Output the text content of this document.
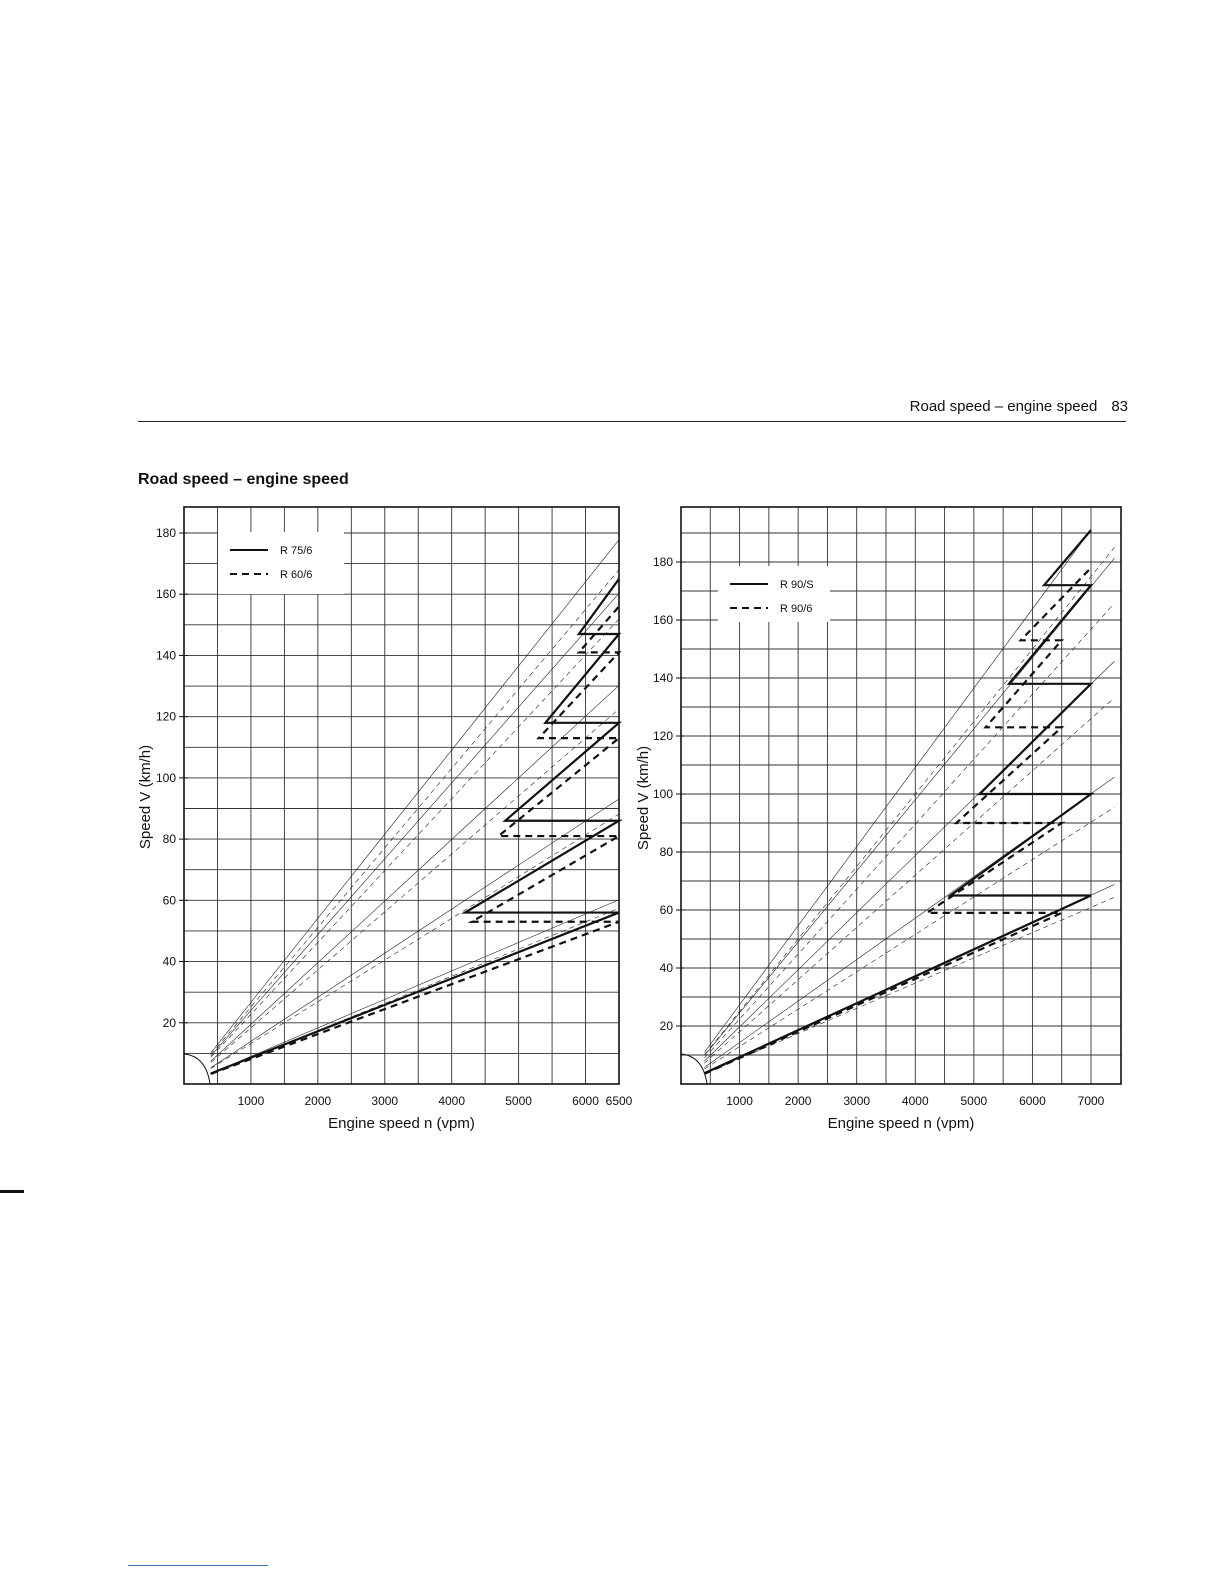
Road speed – engine speed 83
Road speed – engine speed
20
40
60
80
100
120
140
160
180
1000	2000	3000	4000	5000	6000 6500
Engine speed n (vpm)
Speed V (km/h)
R 75/6
R 60/6
20
40
60
80
100
120
140
160
180
1000	2000	3000	4000	5000	6000	7000
Engine speed n (vpm)
Speed V (km/h)
R 90/S
R 90/6
